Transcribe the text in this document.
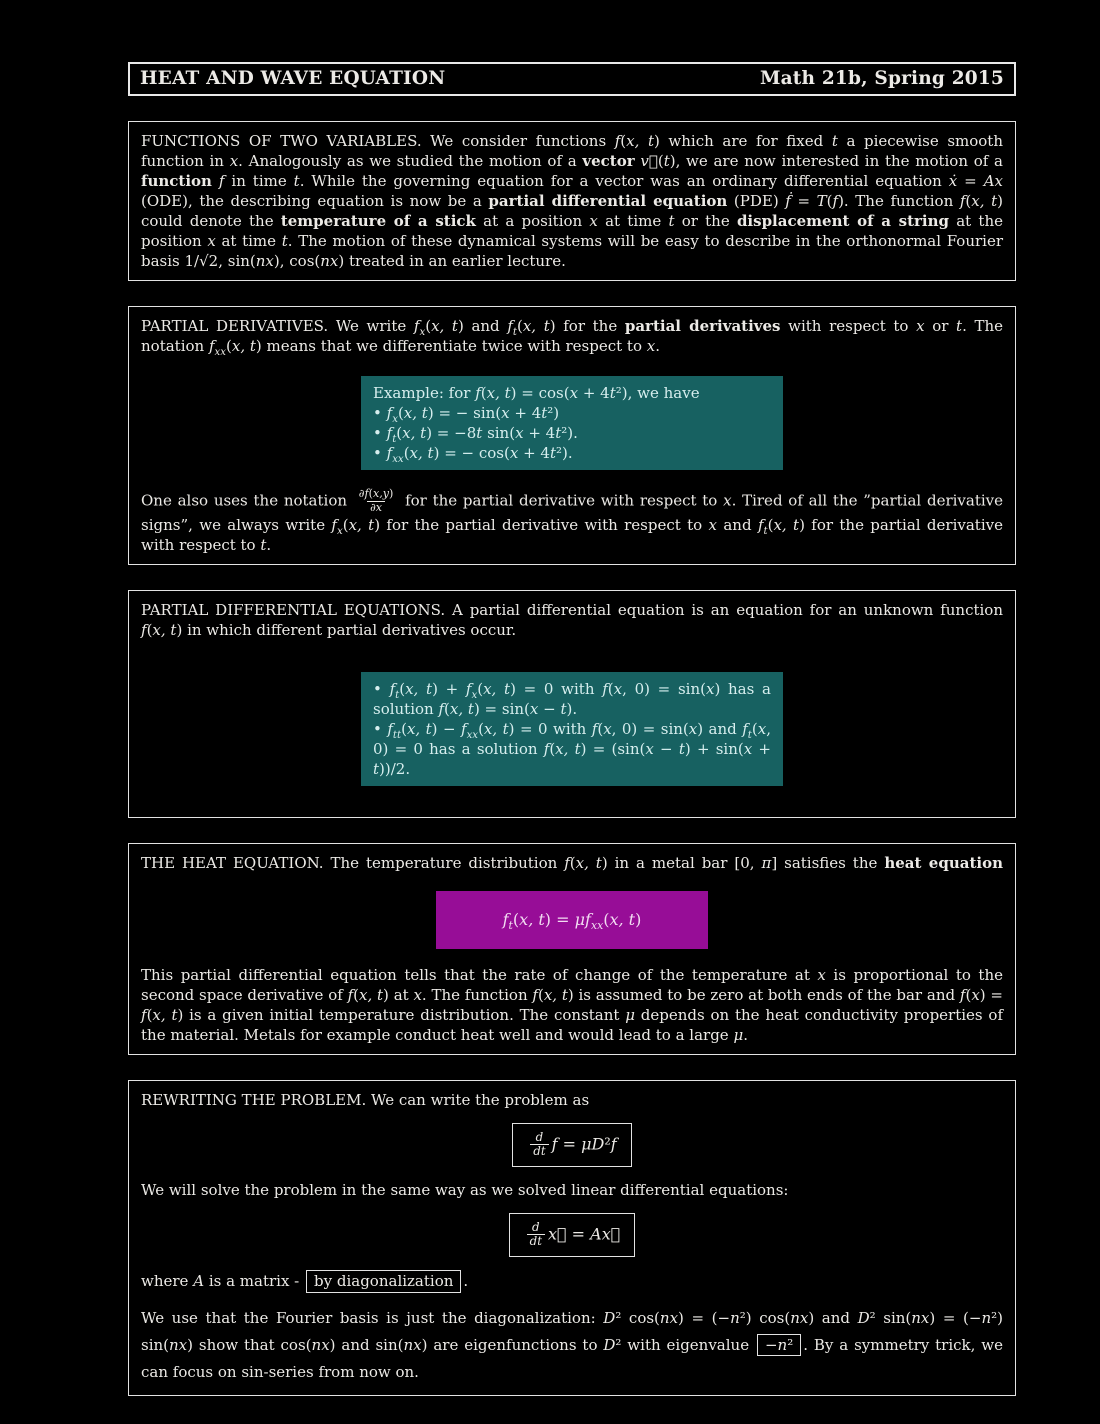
HEAT AND WAVE EQUATION	Math 21b, Spring 2015

FUNCTIONS OF TWO VARIABLES. We consider functions f(x, t) which are for fixed t a piecewise smooth function in x. Analogously as we studied the motion of a vector v⃗(t), we are now interested in the motion of a function f in time t. While the governing equation for a vector was an ordinary differential equation ẋ = Ax (ODE), the describing equation is now be a partial differential equation (PDE) ḟ = T(f). The function f(x, t) could denote the temperature of a stick at a position x at time t or the displacement of a string at the position x at time t. The motion of these dynamical systems will be easy to describe in the orthonormal Fourier basis 1/√2, sin(nx), cos(nx) treated in an earlier lecture.

PARTIAL DERIVATIVES. We write $f_x(x$, t) and $f_t(x$, t) for the partial derivatives with respect to x or t. The notation $f_{xx}(x$, t) means that we differentiate twice with respect to x.

Example: for f(x, t) = cos(x + 4t²), we have

• $f_x(x$, t) = − sin(x + 4t²)

• $f_t(x$, t) = −8t sin(x + 4t²).

• $f_{xx}(x$, t) = − cos(x + 4t²).

One also uses the notation $\frac{\partial f(x,y)}{\partial x}$ for the partial derivative with respect to x. Tired of all the ”partial derivative signs”, we always write $f_x(x$, t) for the partial derivative with respect to x and $f_t(x$, t) for the partial derivative with respect to t.

PARTIAL DIFFERENTIAL EQUATIONS. A partial differential equation is an equation for an unknown function f(x, t) in which different partial derivatives occur.

• $f_t(x$, $t) + f_x(x$, t) = 0 with f(x, 0) = sin(x) has a solution f(x, t) = sin(x − t).

• $f_{tt}(x$, $t) - f_{xx}(x$, t) = 0 with f(x, 0) = sin(x) and $f_t(x$, 0) = 0 has a solution f(x, t) = (sin(x − t) + sin(x + t))/2.

THE HEAT EQUATION. The temperature distribution f(x, t) in a metal bar [0, π] satisfies the heat equation

$f_t(x$, $t) = \mu f_{xx}(x$, t)

This partial differential equation tells that the rate of change of the temperature at x is proportional to the second space derivative of f(x, t) at x. The function f(x, t) is assumed to be zero at both ends of the bar and f(x) = f(x, t) is a given initial temperature distribution. The constant μ depends on the heat conductivity properties of the material. Metals for example conduct heat well and would lead to a large μ.

REWRITING THE PROBLEM. We can write the problem as

$\frac{d}{dt}$ f = μD²f

We will solve the problem in the same way as we solved linear differential equations:

$\frac{d}{dt}$ x⃗ = Ax⃗

where A is a matrix - by diagonalization .

We use that the Fourier basis is just the diagonalization: D² cos(nx) = (−n²) cos(nx) and D² sin(nx) = (−n²) sin(nx) show that cos(nx) and sin(nx) are eigenfunctions to D² with eigenvalue −n² . By a symmetry trick, we can focus on sin-series from now on.
